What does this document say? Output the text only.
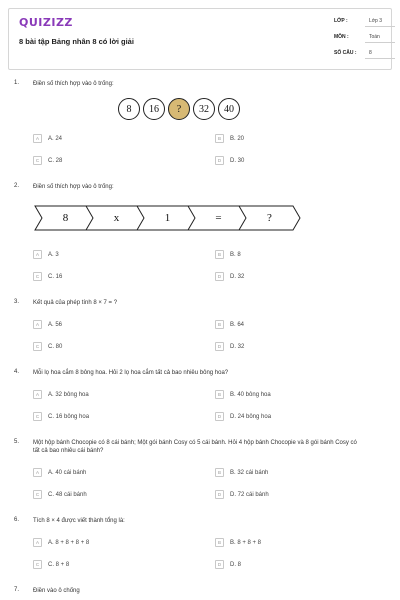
QUIZIZZ
8 bài tập Bảng nhân 8 có lời giải
LỚP :	Lớp 3
MÔN :	Toán
SỐ CÂU :	8
1. Điền số thích hợp vào ô trống:
8	16	?	32	40
A	A. 24	B	B. 20
C	C. 28	D	D. 30
2. Điền số thích hợp vào ô trống:
8	x	1	=	?
A	A. 3	B	B. 8
C	C. 16	D	D. 32
3. Kết quả của phép tính 8 × 7 = ?
A	A. 56	B	B. 64
C	C. 80	D	D. 32
4. Mỗi lọ hoa cắm 8 bông hoa. Hỏi 2 lọ hoa cắm tất cả bao nhiêu bông hoa?
A	A. 32 bông hoa	B	B. 40 bông hoa
C	C. 16 bông hoa	D	D. 24 bông hoa
5. Một hộp bánh Chocopie có 8 cái bánh; Một gói bánh Cosy có 5 cái bánh. Hỏi 4 hộp bánh Chocopie và 8 gói bánh Cosy có tất cả bao nhiêu cái bánh?
A	A. 40 cái bánh	B	B. 32 cái bánh
C	C. 48 cái bánh	D	D. 72 cái bánh
6. Tích 8 × 4 được viết thành tổng là:
A	A. 8 + 8 + 8 + 8	B	B. 8 + 8 + 8
C	C. 8 + 8	D	D. 8
7. Điền vào ô chống
